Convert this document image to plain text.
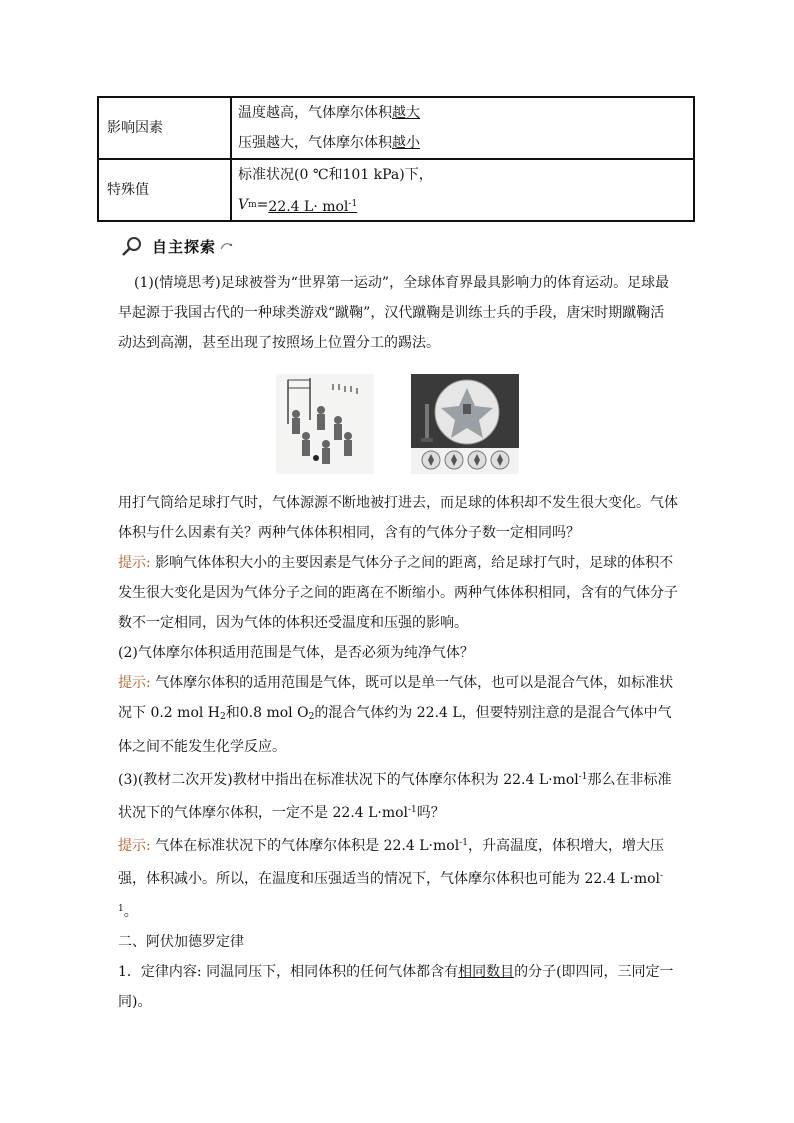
影响因素	温度越高，气体摩尔体积 越大
压强越大，气体摩尔体积 越小

特殊值	标准状况(0 ℃和101 kPa)下，
V m = 22.4 L· mol$^{-1}$
自主探索

(1)(情境思考)足球被誉为“世界第一运动”，全球体育界最具影响力的体育运动。足球最早起源于我国古代的一种球类游戏“蹴鞠”，汉代蹴鞠是训练士兵的手段，唐宋时期蹴鞠活动达到高潮，甚至出现了按照场上位置分工的踢法。

用打气筒给足球打气时，气体源源不断地被打进去，而足球的体积却不发生很大变化。气体体积与什么因素有关？两种气体体积相同，含有的气体分子数一定相同吗？

提示: 影响气体体积大小的主要因素是气体分子之间的距离，给足球打气时，足球的体积不发生很大变化是因为气体分子之间的距离在不断缩小。两种气体体积相同，含有的气体分子数不一定相同，因为气体的体积还受温度和压强的影响。

(2)气体摩尔体积适用范围是气体，是否必须为纯净气体？

提示: 气体摩尔体积的适用范围是气体，既可以是单一气体，也可以是混合气体，如标准状况下 0.2 mol $H_2$和0.8 mol $O_2$的混合气体约为 22.4 L，但要特别注意的是混合气体中气体之间不能发生化学反应。

(3)(教材二次开发)教材中指出在标准状况下的气体摩尔体积为 22.4 L·mol$^{-1}$那么在非标准状况下的气体摩尔体积，一定不是 22.4 L·mol$^{-1}$吗？

提示: 气体在标准状况下的气体摩尔体积是 22.4 L·mol$^{-1}$，升高温度，体积增大，增大压强，体积减小。所以，在温度和压强适当的情况下，气体摩尔体积也可能为 22.4 L·mol$^{-1}$。

二、阿伏加德罗定律

1．定律内容: 同温同压下，相同体积的任何气体都含有相同数目的分子(即四同，三同定一同)。
